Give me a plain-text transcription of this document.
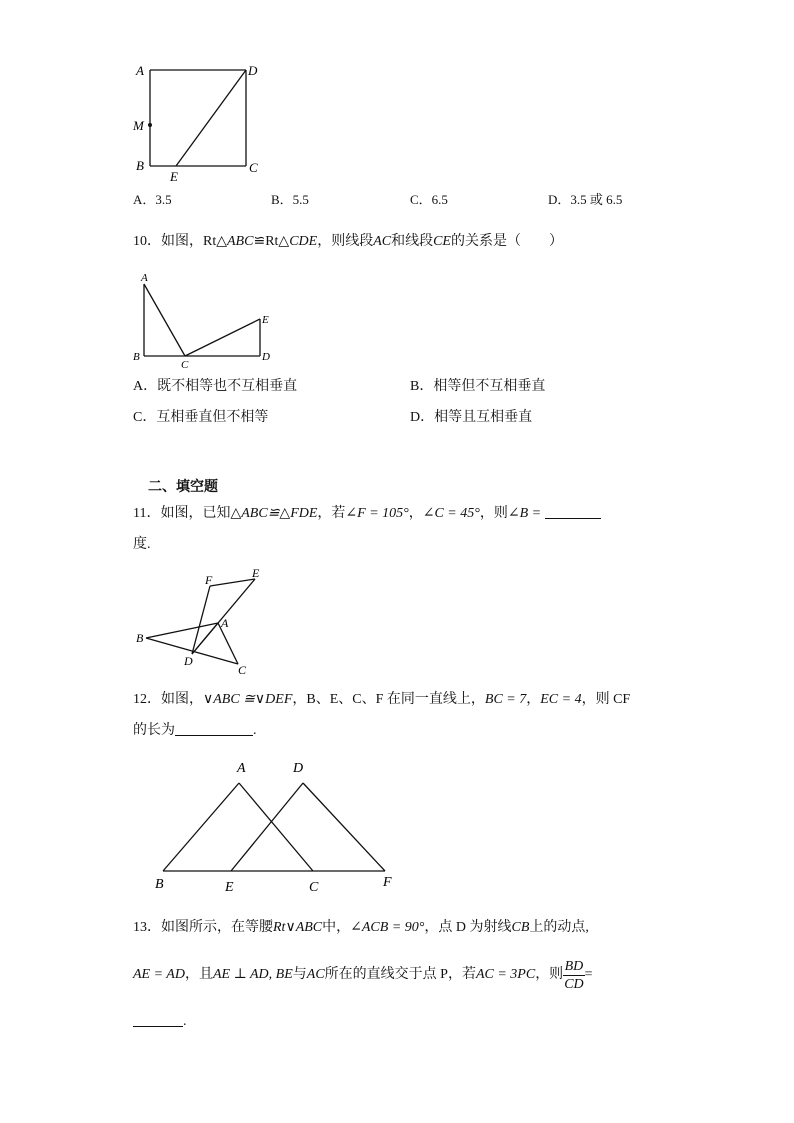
A	D
M
B
E
C
A．3.5	B．5.5	C．6.5	D．3.5 或 6.5
10．如图，Rt△ABC≌Rt△CDE，则线段AC和线段CE的关系是（　　）
A
B
C
D
E
A．既不相等也不互相垂直	B．相等但不互相垂直
C．互相垂直但不相等	D．相等且互相垂直
二、填空题
11．如图，已知△ABC≌△FDE，若∠F = 105°，∠C = 45°，则∠B =
度.
F	E
B
A
D
C
12．如图，∨ABC ≅∨DEF，B、E、C、F 在同一直线上，BC = 7，EC = 4，则 CF
的长为	.
A	D
B	E	C	F
13．如图所示，在等腰Rt∨ABC中，∠ACB = 90°，点 D 为射线CB上的动点,
AE = AD ，且 AE ⊥ AD,
BE 与 AC 所在的直线交于点 P，若 AC = 3PC ，则 $\frac{BD}{CD}$ =
.
